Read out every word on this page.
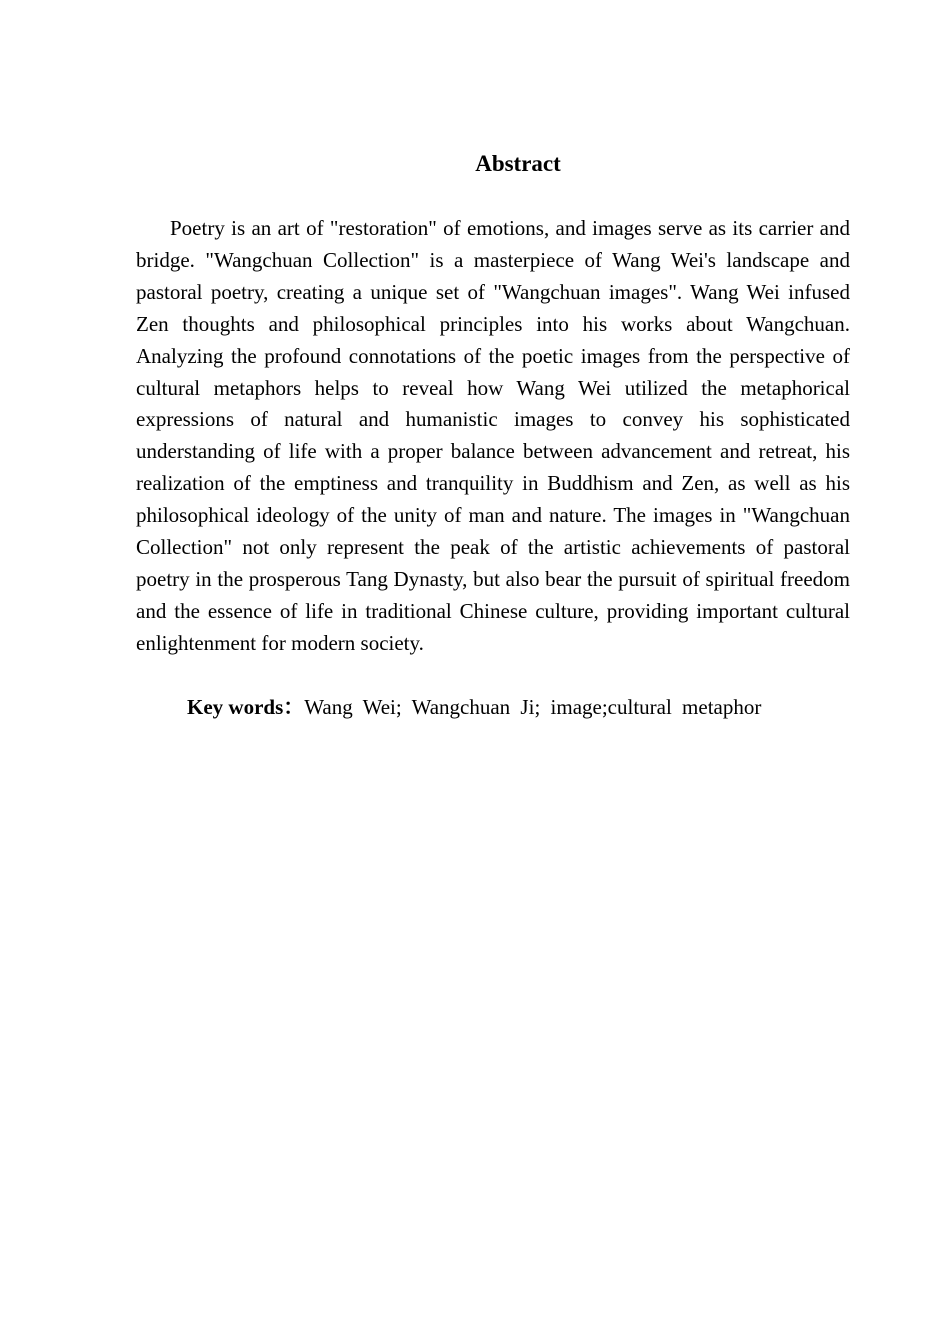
Abstract

Poetry is an art of "restoration" of emotions, and images serve as its carrier and bridge. "Wangchuan Collection" is a masterpiece of Wang Wei's landscape and pastoral poetry, creating a unique set of "Wangchuan images". Wang Wei infused Zen thoughts and philosophical principles into his works about Wangchuan. Analyzing the profound connotations of the poetic images from the perspective of cultural metaphors helps to reveal how Wang Wei utilized the metaphorical expressions of natural and humanistic images to convey his sophisticated understanding of life with a proper balance between advancement and retreat, his realization of the emptiness and tranquility in Buddhism and Zen, as well as his philosophical ideology of the unity of man and nature. The images in "Wangchuan Collection" not only represent the peak of the artistic achievements of pastoral poetry in the prosperous Tang Dynasty, but also bear the pursuit of spiritual freedom and the essence of life in traditional Chinese culture, providing important cultural enlightenment for modern society.

Key words：Wang Wei; Wangchuan Ji; image;cultural metaphor
